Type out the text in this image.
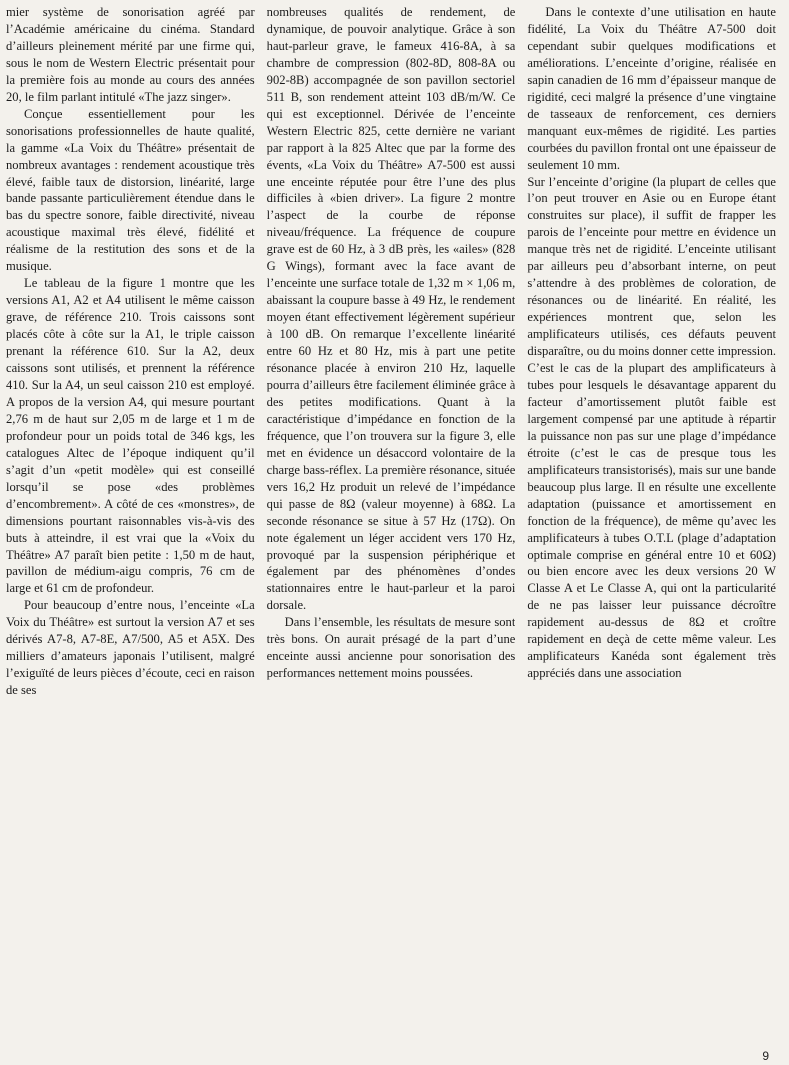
mier système de sonorisation agréé par l’Académie américaine du cinéma. Standard d’ailleurs pleinement mérité par une firme qui, sous le nom de Western Electric présentait pour la première fois au monde au cours des années 20, le film parlant intitulé «The jazz singer».

Conçue essentiellement pour les sonorisations professionnelles de haute qualité, la gamme «La Voix du Théâtre» présentait de nombreux avantages : rendement acoustique très élevé, faible taux de distorsion, linéarité, large bande passante particulièrement étendue dans le bas du spectre sonore, faible directivité, niveau acoustique maximal très élevé, fidélité et réalisme de la restitution des sons et de la musique.

Le tableau de la figure 1 montre que les versions A1, A2 et A4 utilisent le même caisson grave, de référence 210. Trois caissons sont placés côte à côte sur la A1, le triple caisson prenant la référence 610. Sur la A2, deux caissons sont utilisés, et prennent la référence 410. Sur la A4, un seul caisson 210 est employé. A propos de la version A4, qui mesure pourtant 2,76 m de haut sur 2,05 m de large et 1 m de profondeur pour un poids total de 346 kgs, les catalogues Altec de l’époque indiquent qu’il s’agit d’un «petit modèle» qui est conseillé lorsqu’il se pose «des problèmes d’encombrement». A côté de ces «monstres», de dimensions pourtant raisonnables vis-à-vis des buts à atteindre, il est vrai que la «Voix du Théâtre» A7 paraît bien petite : 1,50 m de haut, pavillon de médium-aigu compris, 76 cm de large et 61 cm de profondeur.

Pour beaucoup d’entre nous, l’enceinte «La Voix du Théâtre» est surtout la version A7 et ses dérivés A7-8, A7-8E, A7/500, A5 et A5X. Des milliers d’amateurs japonais l’utilisent, malgré l’exiguïté de leurs pièces d’écoute, ceci en raison de ses

nombreuses qualités de rendement, de dynamique, de pouvoir analytique. Grâce à son haut-parleur grave, le fameux 416-8A, à sa chambre de compression (802-8D, 808-8A ou 902-8B) accompagnée de son pavillon sectoriel 511 B, son rendement atteint 103 dB/m/W. Ce qui est exceptionnel. Dérivée de l’enceinte Western Electric 825, cette dernière ne variant par rapport à la 825 Altec que par la forme des évents, «La Voix du Théâtre» A7-500 est aussi une enceinte réputée pour être l’une des plus difficiles à «bien driver». La figure 2 montre l’aspect de la courbe de réponse niveau/fréquence. La fréquence de coupure grave est de 60 Hz, à 3 dB près, les «ailes» (828 G Wings), formant avec la face avant de l’enceinte une surface totale de 1,32 m × 1,06 m, abaissant la coupure basse à 49 Hz, le rendement moyen étant effectivement légèrement supérieur à 100 dB. On remarque l’excellente linéarité entre 60 Hz et 80 Hz, mis à part une petite résonance placée à environ 210 Hz, laquelle pourra d’ailleurs être facilement éliminée grâce à des petites modifications. Quant à la caractéristique d’impédance en fonction de la fréquence, que l’on trouvera sur la figure 3, elle met en évidence un désaccord volontaire de la charge bass-réflex. La première résonance, située vers 16,2 Hz produit un relevé de l’impédance qui passe de 8Ω (valeur moyenne) à 68Ω. La seconde résonance se situe à 57 Hz (17Ω). On note également un léger accident vers 170 Hz, provoqué par la suspension périphérique et également par des phénomènes d’ondes stationnaires entre le haut-parleur et la paroi dorsale.

Dans l’ensemble, les résultats de mesure sont très bons. On aurait présagé de la part d’une enceinte aussi ancienne pour sonorisation des performances nettement moins poussées.

Dans le contexte d’une utilisation en haute fidélité, La Voix du Théâtre A7-500 doit cependant subir quelques modifications et améliorations. L’enceinte d’origine, réalisée en sapin canadien de 16 mm d’épaisseur manque de rigidité, ceci malgré la présence d’une vingtaine de tasseaux de renforcement, ces derniers manquant eux-mêmes de rigidité. Les parties courbées du pavillon frontal ont une épaisseur de seulement 10 mm.

Sur l’enceinte d’origine (la plupart de celles que l’on peut trouver en Asie ou en Europe étant construites sur place), il suffit de frapper les parois de l’enceinte pour mettre en évidence un manque très net de rigidité. L’enceinte utilisant par ailleurs peu d’absorbant interne, on peut s’attendre à des problèmes de coloration, de résonances ou de linéarité. En réalité, les expériences montrent que, selon les amplificateurs utilisés, ces défauts peuvent disparaître, ou du moins donner cette impression. C’est le cas de la plupart des amplificateurs à tubes pour lesquels le désavantage apparent du facteur d’amortissement plutôt faible est largement compensé par une aptitude à répartir la puissance non pas sur une plage d’impédance étroite (c’est le cas de presque tous les amplificateurs transistorisés), mais sur une bande beaucoup plus large. Il en résulte une excellente adaptation (puissance et amortissement en fonction de la fréquence), de même qu’avec les amplificateurs à tubes O.T.L (plage d’adaptation optimale comprise en général entre 10 et 60Ω) ou bien encore avec les deux versions 20 W Classe A et Le Classe A, qui ont la particularité de ne pas laisser leur puissance décroître rapidement au-dessus de 8Ω et croître rapidement en deçà de cette même valeur. Les amplificateurs Kanéda sont également très appréciés dans une association

9
